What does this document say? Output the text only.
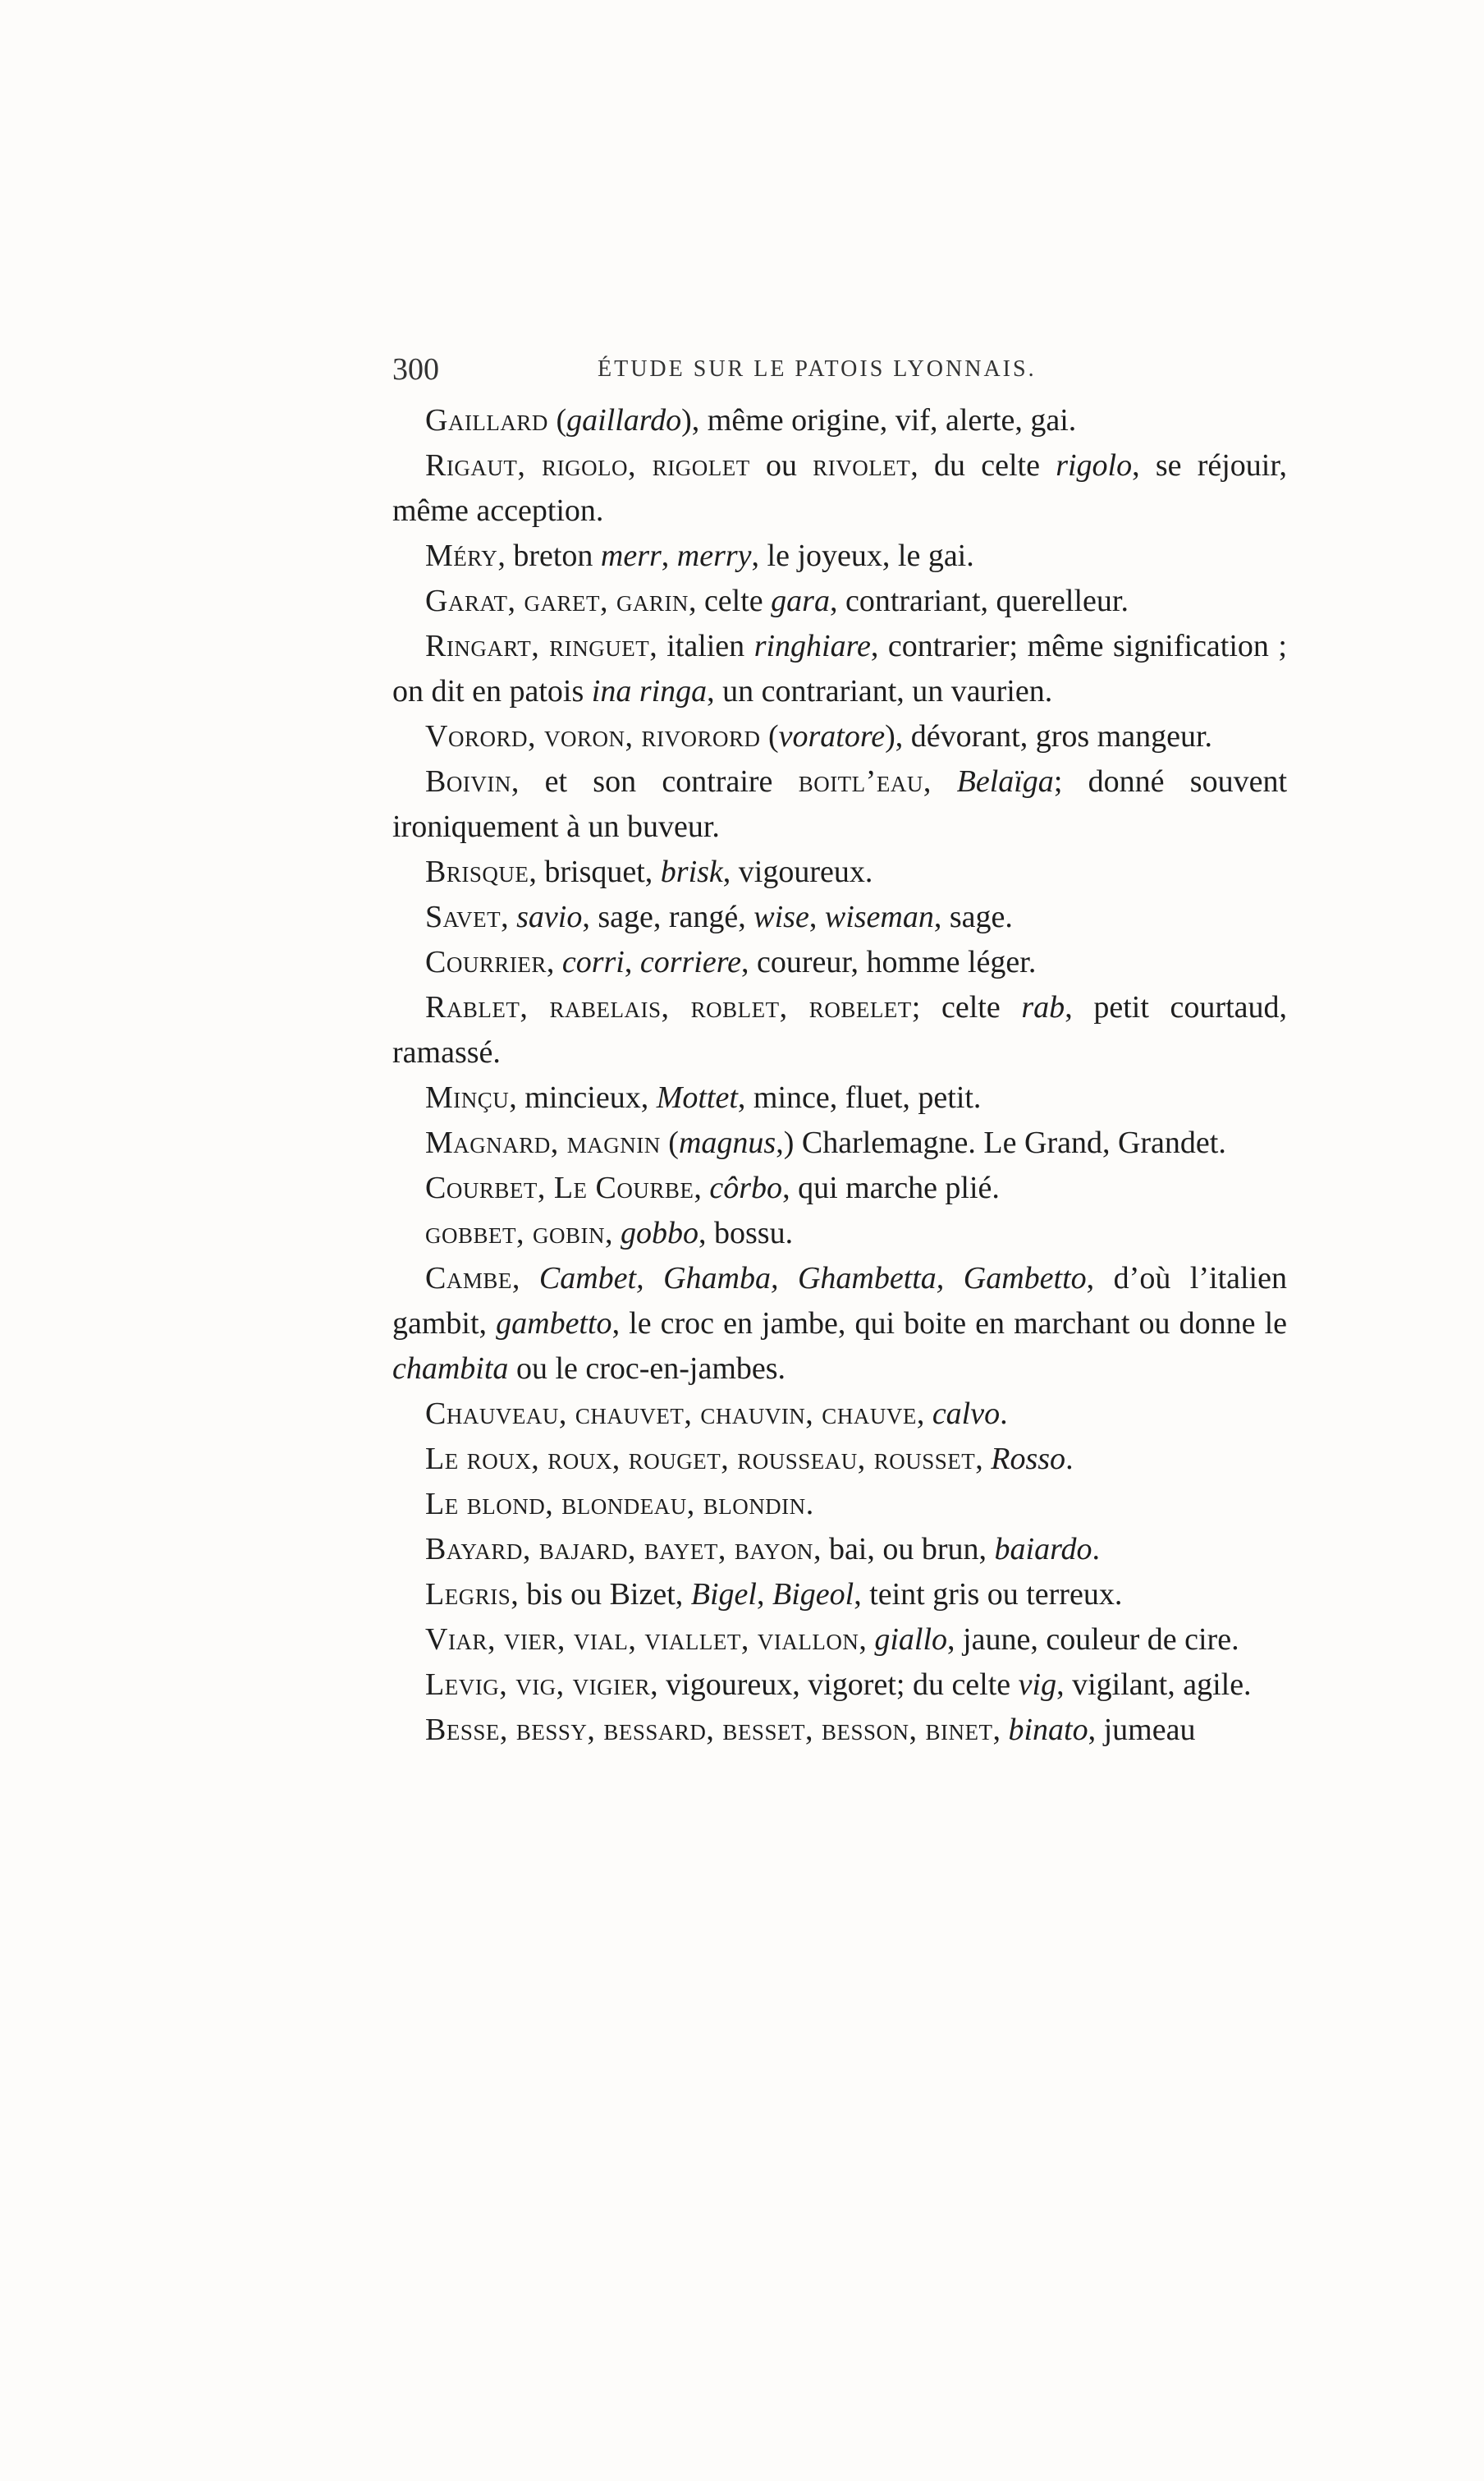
300	ÉTUDE SUR LE PATOIS LYONNAIS.

Gaillard (gaillardo), même origine, vif, alerte, gai.

Rigaut, rigolo, rigolet ou rivolet, du celte rigolo, se réjouir, même acception.

Méry, breton merr, merry, le joyeux, le gai.

Garat, garet, garin, celte gara, contrariant, querelleur.

Ringart, ringuet, italien ringhiare, contrarier; même signification ; on dit en patois ina ringa, un contrariant, un vaurien.

Vorord, voron, rivorord (voratore), dévorant, gros mangeur.

Boivin, et son contraire boitl’eau, Belaïga; donné souvent ironiquement à un buveur.

Brisque, brisquet, brisk, vigoureux.

Savet, savio, sage, rangé, wise, wiseman, sage.

Courrier, corri, corriere, coureur, homme léger.

Rablet, rabelais, roblet, robelet; celte rab, petit courtaud, ramassé.

Minçu, mincieux, Mottet, mince, fluet, petit.

Magnard, magnin (magnus,) Charlemagne. Le Grand, Grandet.

Courbet, Le Courbe, côrbo, qui marche plié.

gobbet, gobin, gobbo, bossu.

Cambe, Cambet, Ghamba, Ghambetta, Gambetto, d’où l’italien gambit, gambetto, le croc en jambe, qui boite en marchant ou donne le chambita ou le croc-en-jambes.

Chauveau, chauvet, chauvin, chauve, calvo.

Le roux, roux, rouget, rousseau, rousset, Rosso.

Le blond, blondeau, blondin.

Bayard, bajard, bayet, bayon, bai, ou brun, baiardo.

Legris, bis ou Bizet, Bigel, Bigeol, teint gris ou terreux.

Viar, vier, vial, viallet, viallon, giallo, jaune, couleur de cire.

Levig, vig, vigier, vigoureux, vigoret; du celte vig, vigilant, agile.

Besse, bessy, bessard, besset, besson, binet, binato, jumeau
